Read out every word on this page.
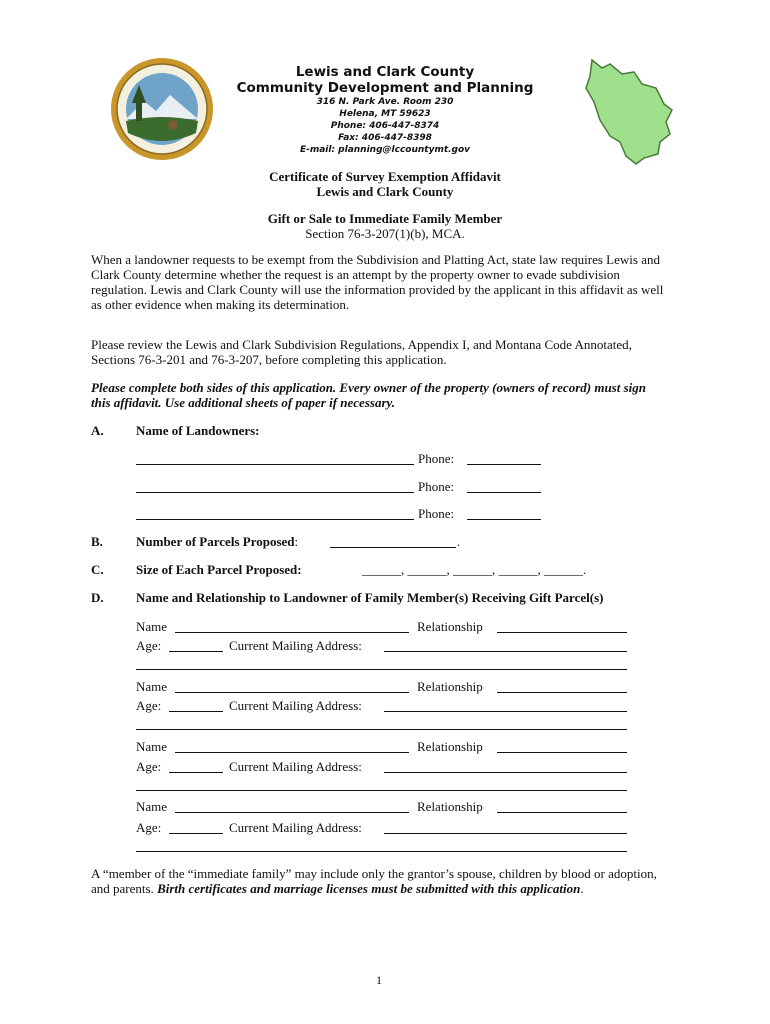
Lewis and Clark County
Community Development and Planning
316 N. Park Ave. Room 230
Helena, MT 59623
Phone: 406-447-8374
Fax: 406-447-8398
E-mail: planning@lccountymt.gov
Certificate of Survey Exemption Affidavit
Lewis and Clark County
Gift or Sale to Immediate Family Member
Section 76-3-207(1)(b), MCA.
When a landowner requests to be exempt from the Subdivision and Platting Act, state law requires Lewis and Clark County determine whether the request is an attempt by the property owner to evade subdivision regulation. Lewis and Clark County will use the information provided by the applicant in this affidavit as well as other evidence when making its determination.
Please review the Lewis and Clark Subdivision Regulations, Appendix I, and Montana Code Annotated, Sections 76-3-201 and 76-3-207, before completing this application.
Please complete both sides of this application. Every owner of the property (owners of record) must sign this affidavit. Use additional sheets of paper if necessary.
A. Name of Landowners:
Phone:
Phone:
Phone:
B.	Number of Parcels Proposed:	.
C. Size of Each Parcel Proposed:	______, ______, ______, ______, ______.
D. Name and Relationship to Landowner of Family Member(s) Receiving Gift Parcel(s)
Name	Relationship
Age:	Current Mailing Address:
Name	Relationship
Age:	Current Mailing Address:
Name	Relationship
Age:	Current Mailing Address:
Name	Relationship
Age:	Current Mailing Address:
A “member of the “immediate family” may include only the grantor’s spouse, children by blood or adoption, and parents. Birth certificates and marriage licenses must be submitted with this application.
1
